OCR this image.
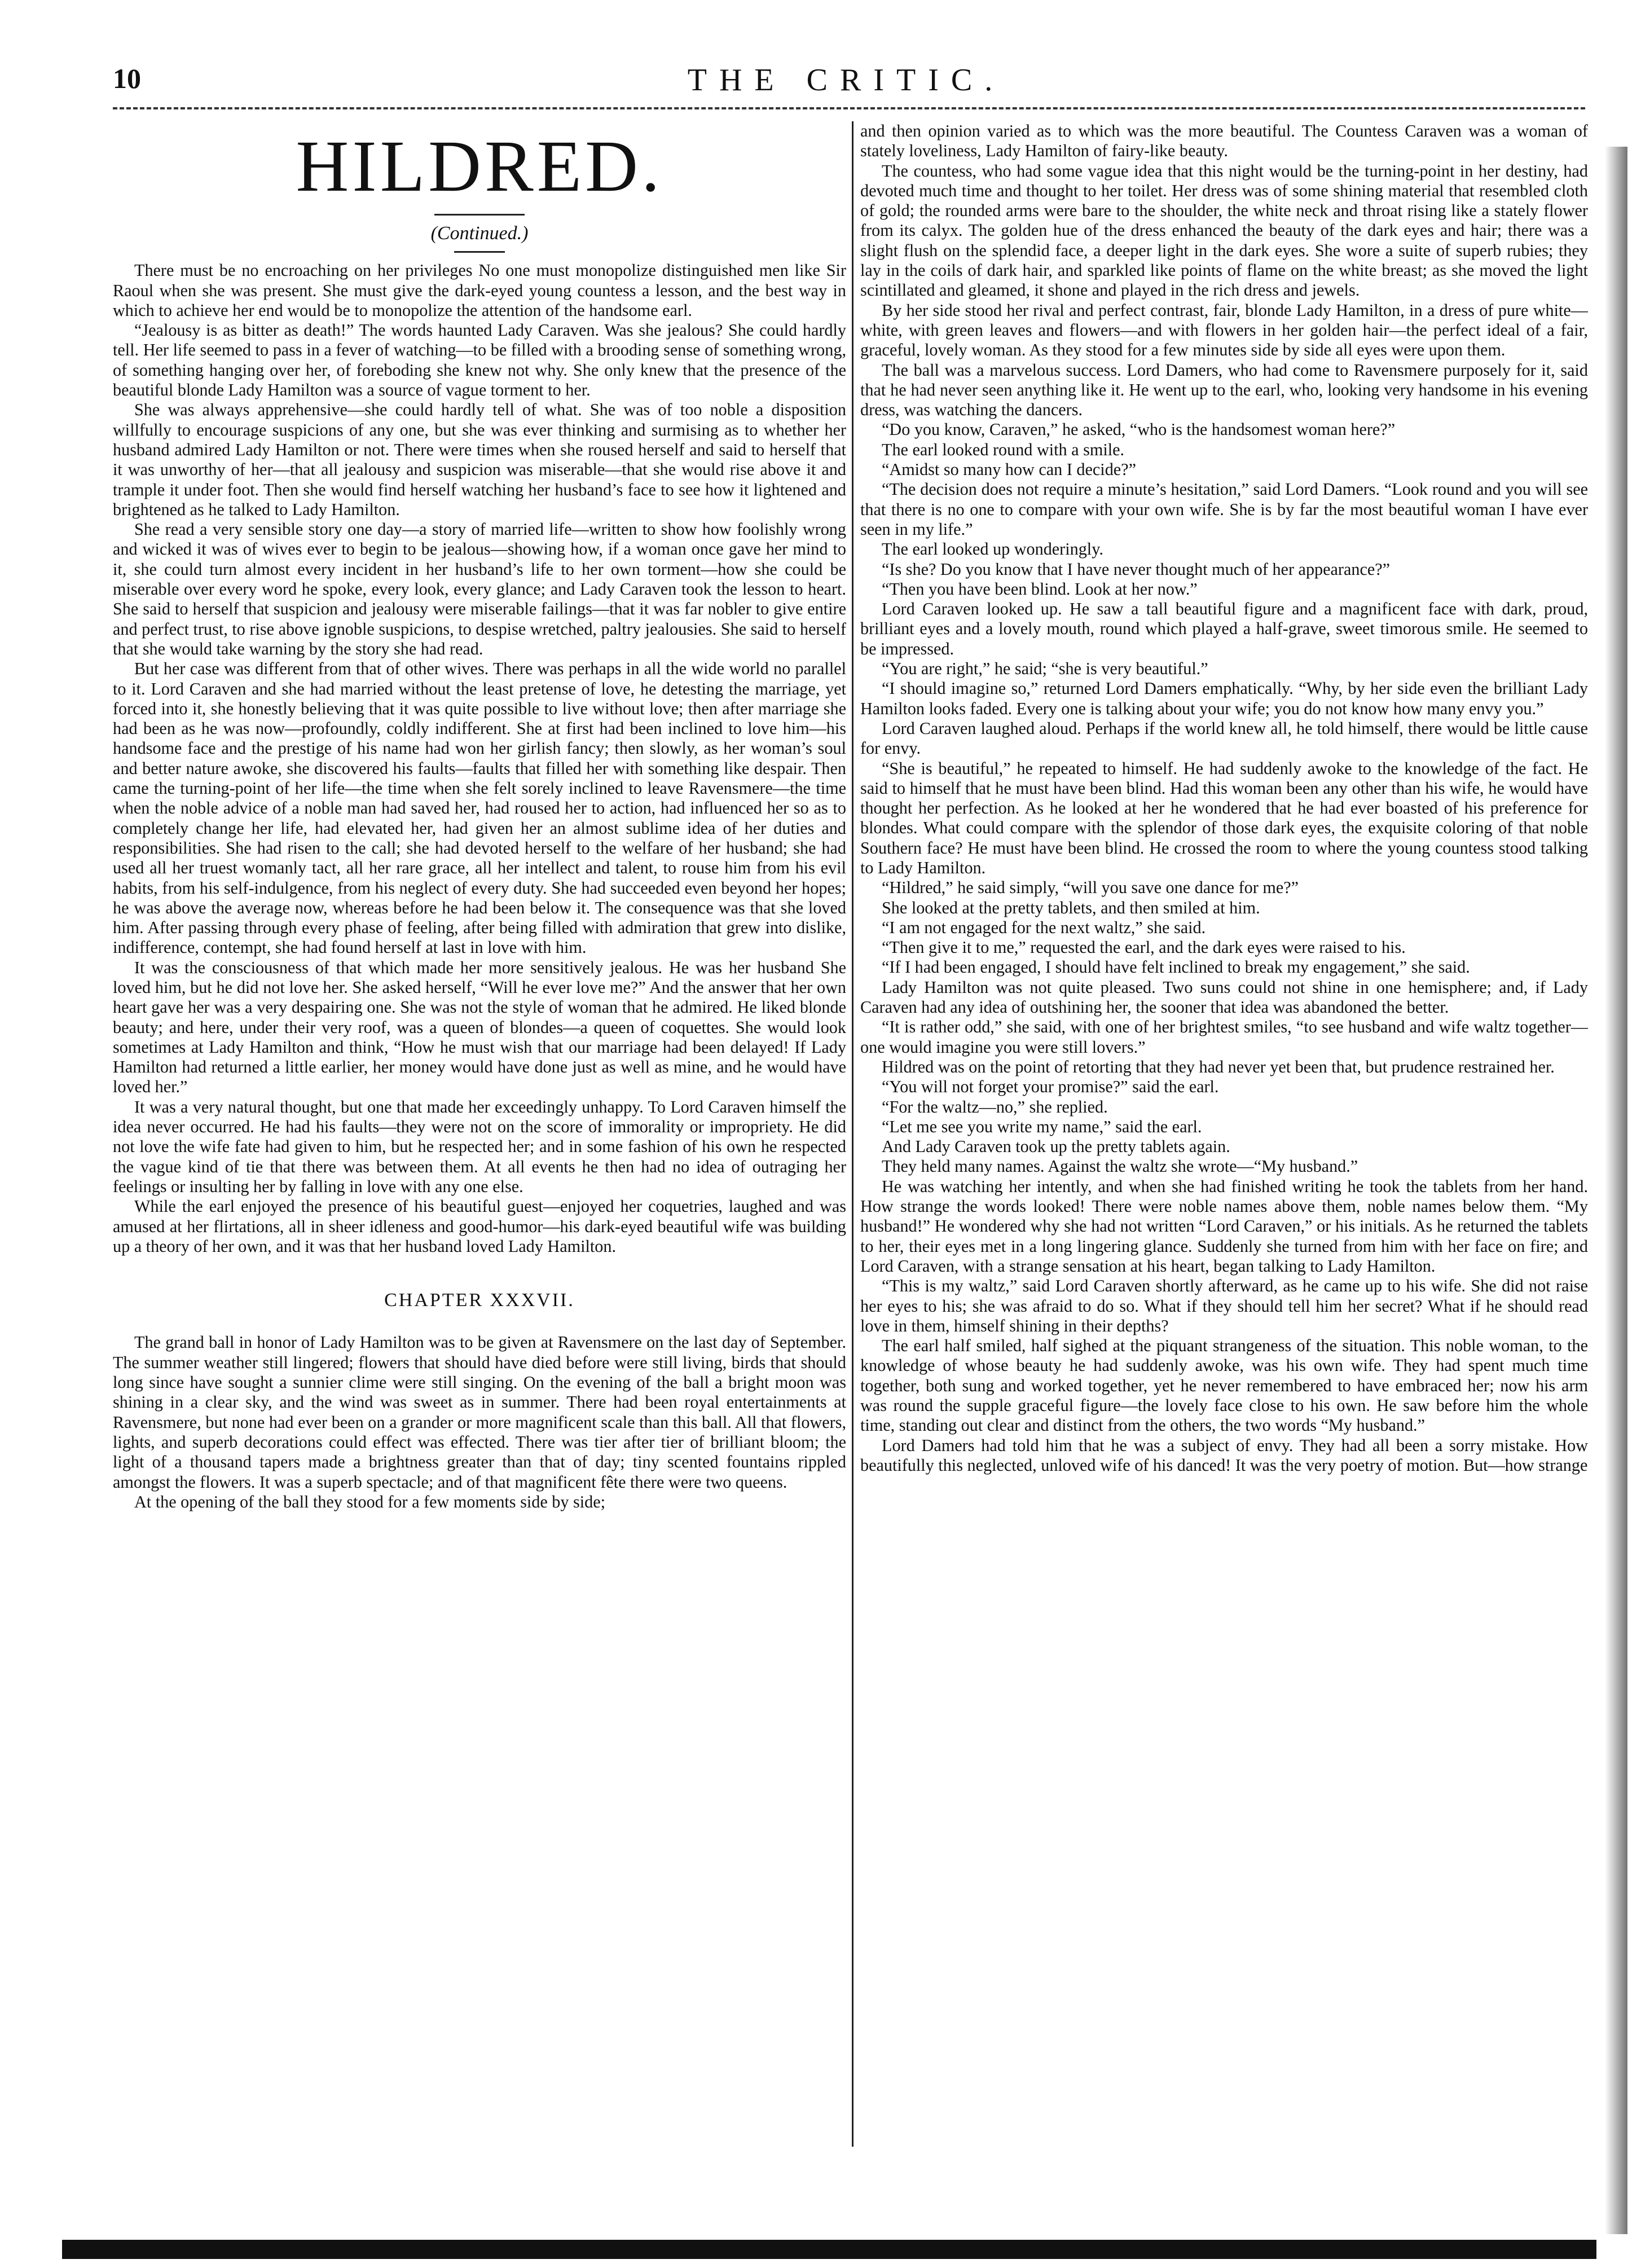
10	THE CRITIC.
HILDRED.
(Continued.)

There must be no encroaching on her privileges No one must monopolize distinguished men like Sir Raoul when she was present. She must give the dark-eyed young countess a lesson, and the best way in which to achieve her end would be to monopolize the attention of the handsome earl.

“Jealousy is as bitter as death!” The words haunted Lady Caraven. Was she jealous? She could hardly tell. Her life seemed to pass in a fever of watching—to be filled with a brooding sense of something wrong, of something hanging over her, of foreboding she knew not why. She only knew that the presence of the beautiful blonde Lady Hamilton was a source of vague torment to her.

She was always apprehensive—she could hardly tell of what. She was of too noble a disposition willfully to encourage suspicions of any one, but she was ever thinking and surmising as to whether her husband admired Lady Hamilton or not. There were times when she roused herself and said to herself that it was unworthy of her—that all jealousy and suspicion was miserable—that she would rise above it and trample it under foot. Then she would find herself watching her husband’s face to see how it lightened and brightened as he talked to Lady Hamilton.

She read a very sensible story one day—a story of married life—written to show how foolishly wrong and wicked it was of wives ever to begin to be jealous—showing how, if a woman once gave her mind to it, she could turn almost every incident in her husband’s life to her own torment—how she could be miserable over every word he spoke, every look, every glance; and Lady Caraven took the lesson to heart. She said to herself that suspicion and jealousy were miserable failings—that it was far nobler to give entire and perfect trust, to rise above ignoble suspicions, to despise wretched, paltry jealousies. She said to herself that she would take warning by the story she had read.

But her case was different from that of other wives. There was perhaps in all the wide world no parallel to it. Lord Caraven and she had married without the least pretense of love, he detesting the marriage, yet forced into it, she honestly believing that it was quite possible to live without love; then after marriage she had been as he was now—profoundly, coldly indifferent. She at first had been inclined to love him—his handsome face and the prestige of his name had won her girlish fancy; then slowly, as her woman’s soul and better nature awoke, she discovered his faults—faults that filled her with something like despair. Then came the turning-point of her life—the time when she felt sorely inclined to leave Ravensmere—the time when the noble advice of a noble man had saved her, had roused her to action, had influenced her so as to completely change her life, had elevated her, had given her an almost sublime idea of her duties and responsibilities. She had risen to the call; she had devoted herself to the welfare of her husband; she had used all her truest womanly tact, all her rare grace, all her intellect and talent, to rouse him from his evil habits, from his self-indulgence, from his neglect of every duty. She had succeeded even beyond her hopes; he was above the average now, whereas before he had been below it. The consequence was that she loved him. After passing through every phase of feeling, after being filled with admiration that grew into dislike, indifference, contempt, she had found herself at last in love with him.

It was the consciousness of that which made her more sensitively jealous. He was her husband She loved him, but he did not love her. She asked herself, “Will he ever love me?” And the answer that her own heart gave her was a very despairing one. She was not the style of woman that he admired. He liked blonde beauty; and here, under their very roof, was a queen of blondes—a queen of coquettes. She would look sometimes at Lady Hamilton and think, “How he must wish that our marriage had been delayed! If Lady Hamilton had returned a little earlier, her money would have done just as well as mine, and he would have loved her.”

It was a very natural thought, but one that made her exceedingly unhappy. To Lord Caraven himself the idea never occurred. He had his faults—they were not on the score of immorality or impropriety. He did not love the wife fate had given to him, but he respected her; and in some fashion of his own he respected the vague kind of tie that there was between them. At all events he then had no idea of outraging her feelings or insulting her by falling in love with any one else.

While the earl enjoyed the presence of his beautiful guest—enjoyed her coquetries, laughed and was amused at her flirtations, all in sheer idleness and good-humor—his dark-eyed beautiful wife was building up a theory of her own, and it was that her husband loved Lady Hamilton.

CHAPTER XXXVII.

The grand ball in honor of Lady Hamilton was to be given at Ravensmere on the last day of September. The summer weather still lingered; flowers that should have died before were still living, birds that should long since have sought a sunnier clime were still singing. On the evening of the ball a bright moon was shining in a clear sky, and the wind was sweet as in summer. There had been royal entertainments at Ravensmere, but none had ever been on a grander or more magnificent scale than this ball. All that flowers, lights, and superb decorations could effect was effected. There was tier after tier of brilliant bloom; the light of a thousand tapers made a brightness greater than that of day; tiny scented fountains rippled amongst the flowers. It was a superb spectacle; and of that magnificent fête there were two queens.

At the opening of the ball they stood for a few moments side by side;

and then opinion varied as to which was the more beautiful. The Countess Caraven was a woman of stately loveliness, Lady Hamilton of fairy-like beauty.

The countess, who had some vague idea that this night would be the turning-point in her destiny, had devoted much time and thought to her toilet. Her dress was of some shining material that resembled cloth of gold; the rounded arms were bare to the shoulder, the white neck and throat rising like a stately flower from its calyx. The golden hue of the dress enhanced the beauty of the dark eyes and hair; there was a slight flush on the splendid face, a deeper light in the dark eyes. She wore a suite of superb rubies; they lay in the coils of dark hair, and sparkled like points of flame on the white breast; as she moved the light scintillated and gleamed, it shone and played in the rich dress and jewels.

By her side stood her rival and perfect contrast, fair, blonde Lady Hamilton, in a dress of pure white—white, with green leaves and flowers—and with flowers in her golden hair—the perfect ideal of a fair, graceful, lovely woman. As they stood for a few minutes side by side all eyes were upon them.

The ball was a marvelous success. Lord Damers, who had come to Ravensmere purposely for it, said that he had never seen anything like it. He went up to the earl, who, looking very handsome in his evening dress, was watching the dancers.

“Do you know, Caraven,” he asked, “who is the handsomest woman here?”

The earl looked round with a smile.

“Amidst so many how can I decide?”

“The decision does not require a minute’s hesitation,” said Lord Damers. “Look round and you will see that there is no one to compare with your own wife. She is by far the most beautiful woman I have ever seen in my life.”

The earl looked up wonderingly.

“Is she? Do you know that I have never thought much of her appearance?”

“Then you have been blind. Look at her now.”

Lord Caraven looked up. He saw a tall beautiful figure and a magnificent face with dark, proud, brilliant eyes and a lovely mouth, round which played a half-grave, sweet timorous smile. He seemed to be impressed.

“You are right,” he said; “she is very beautiful.”

“I should imagine so,” returned Lord Damers emphatically. “Why, by her side even the brilliant Lady Hamilton looks faded. Every one is talking about your wife; you do not know how many envy you.”

Lord Caraven laughed aloud. Perhaps if the world knew all, he told himself, there would be little cause for envy.

“She is beautiful,” he repeated to himself. He had suddenly awoke to the knowledge of the fact. He said to himself that he must have been blind. Had this woman been any other than his wife, he would have thought her perfection. As he looked at her he wondered that he had ever boasted of his preference for blondes. What could compare with the splendor of those dark eyes, the exquisite coloring of that noble Southern face? He must have been blind. He crossed the room to where the young countess stood talking to Lady Hamilton.

“Hildred,” he said simply, “will you save one dance for me?”

She looked at the pretty tablets, and then smiled at him.

“I am not engaged for the next waltz,” she said.

“Then give it to me,” requested the earl, and the dark eyes were raised to his.

“If I had been engaged, I should have felt inclined to break my engagement,” she said.

Lady Hamilton was not quite pleased. Two suns could not shine in one hemisphere; and, if Lady Caraven had any idea of outshining her, the sooner that idea was abandoned the better.

“It is rather odd,” she said, with one of her brightest smiles, “to see husband and wife waltz together—one would imagine you were still lovers.”

Hildred was on the point of retorting that they had never yet been that, but prudence restrained her.

“You will not forget your promise?” said the earl.

“For the waltz—no,” she replied.

“Let me see you write my name,” said the earl.

And Lady Caraven took up the pretty tablets again.

They held many names. Against the waltz she wrote—“My husband.”

He was watching her intently, and when she had finished writing he took the tablets from her hand. How strange the words looked! There were noble names above them, noble names below them. “My husband!” He wondered why she had not written “Lord Caraven,” or his initials. As he returned the tablets to her, their eyes met in a long lingering glance. Suddenly she turned from him with her face on fire; and Lord Caraven, with a strange sensation at his heart, began talking to Lady Hamilton.

“This is my waltz,” said Lord Caraven shortly afterward, as he came up to his wife. She did not raise her eyes to his; she was afraid to do so. What if they should tell him her secret? What if he should read love in them, himself shining in their depths?

The earl half smiled, half sighed at the piquant strangeness of the situation. This noble woman, to the knowledge of whose beauty he had suddenly awoke, was his own wife. They had spent much time together, both sung and worked together, yet he never remembered to have embraced her; now his arm was round the supple graceful figure—the lovely face close to his own. He saw before him the whole time, standing out clear and distinct from the others, the two words “My husband.”

Lord Damers had told him that he was a subject of envy. They had all been a sorry mistake. How beautifully this neglected, unloved wife of his danced! It was the very poetry of motion. But—how strange
